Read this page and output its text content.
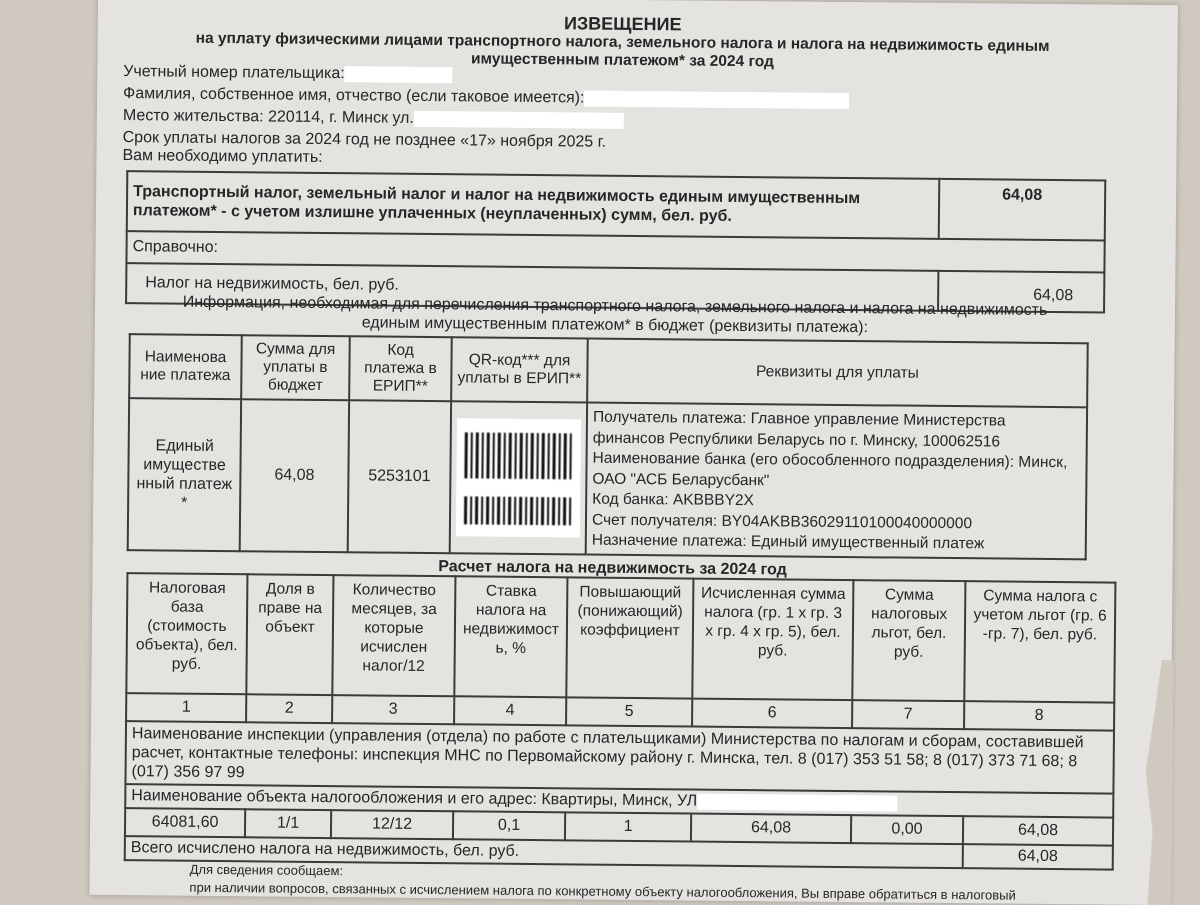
ИЗВЕЩЕНИЕ
на уплату физическими лицами транспортного налога, земельного налога и налога на недвижимость единым имущественным платежом* за 2024 год
Учетный номер плательщика:
Фамилия, собственное имя, отчество (если таковое имеется):
Место жительства: 220114, г. Минск ул.
Срок уплаты налогов за 2024 год не позднее «17» ноября 2025 г.
Вам необходимо уплатить:
Транспортный налог, земельный налог и налог на недвижимость единым имущественным платежом* - с учетом излишне уплаченных (неуплаченных) сумм, бел. руб.	64,08
Справочно:	
Налог на недвижимость, бел. руб.	64,08
Информация, необходимая для перечисления транспортного налога, земельного налога и налога на недвижимость единым имущественным платежом* в бюджет (реквизиты платежа):
Наименова ние платежа	Сумма для уплаты в бюджет	Код платежа в ЕРИП**	QR-код*** для уплаты в ЕРИП**	Реквизиты для уплаты
Единый имуществе нный платеж *	64,08	5253101		Получатель платежа: Главное управление Министерства финансов Республики Беларусь по г. Минску, 100062516
Наименование банка (его обособленного подразделения): Минск, ОАО "АСБ Беларусбанк"
Код банка: AKBBBY2X
Счет получателя: BY04AKBB36029110100040000000
Назначение платежа: Единый имущественный платеж
Расчет налога на недвижимость за 2024 год
Налоговая база (стоимость объекта), бел. руб.	Доля в праве на объект	Количество месяцев, за которые исчислен налог/12	Ставка налога на недвижимост ь, %	Повышающий (понижающий) коэффициент	Исчисленная сумма налога (гр. 1 х гр. 3 х гр. 4 х гр. 5), бел. руб.	Сумма налоговых льгот, бел. руб.	Сумма налога с учетом льгот (гр. 6 -гр. 7), бел. руб.
1	2	3	4	5	6	7	8
Наименование инспекции (управления (отдела) по работе с плательщиками) Министерства по налогам и сборам, составившей расчет, контактные телефоны: инспекция МНС по Первомайскому району г. Минска, тел. 8 (017) 353 51 58; 8 (017) 373 71 68; 8 (017) 356 97 99							
Наименование объекта налогообложения и его адрес: Квартиры, Минск, УЛ							
64081,60	1/1	12/12	0,1	1	64,08	0,00	64,08
Всего исчислено налога на недвижимость, бел. руб.							64,08
Для сведения сообщаем:
при наличии вопросов, связанных с исчислением налога по конкретному объекту налогообложения, Вы вправе обратиться в налоговый
